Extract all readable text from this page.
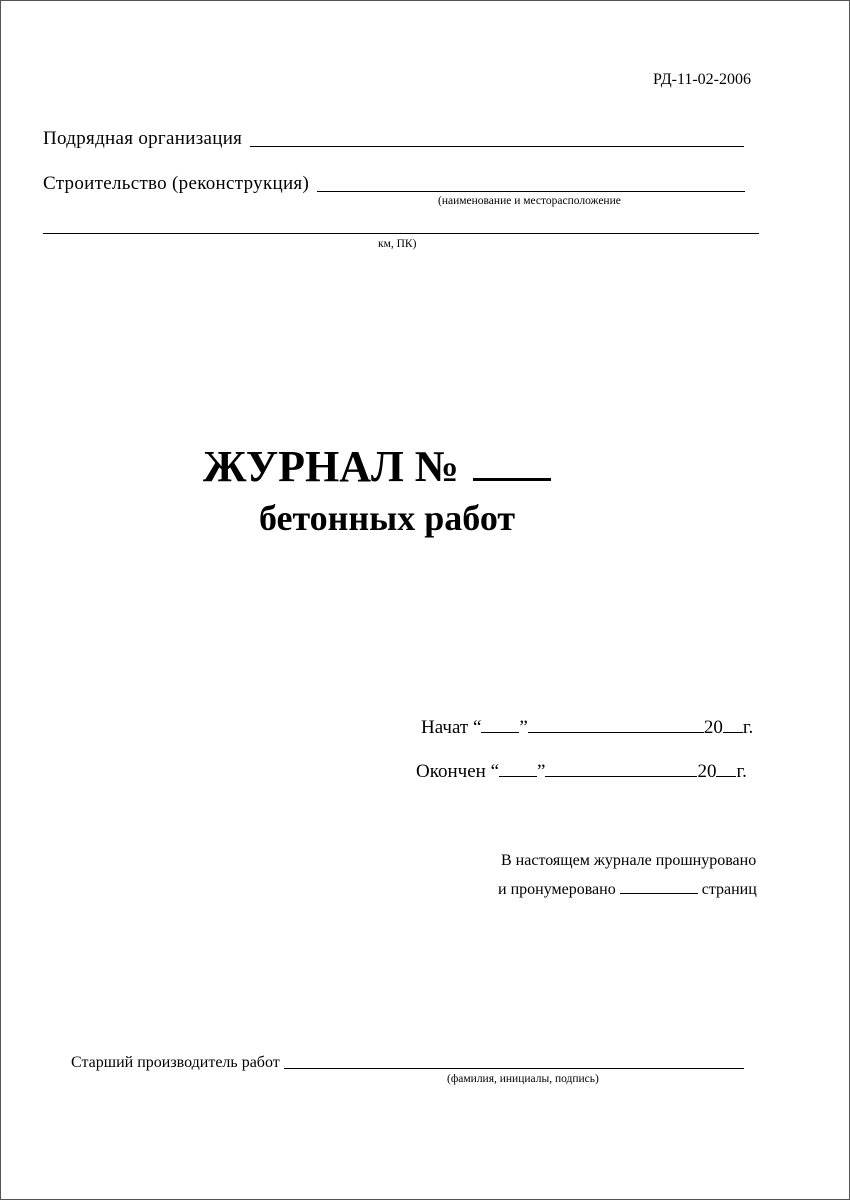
РД-11-02-2006
Подрядная организация
Строительство (реконструкция)
(наименование и месторасположение
км, ПК)
ЖУРНАЛ №
бетонных работ
Начат “ ”	20 г.
Окончен “ ”	20 г.
В настоящем журнале прошнуровано
и пронумеровано	страниц
Старший производитель работ
(фамилия, инициалы, подпись)
